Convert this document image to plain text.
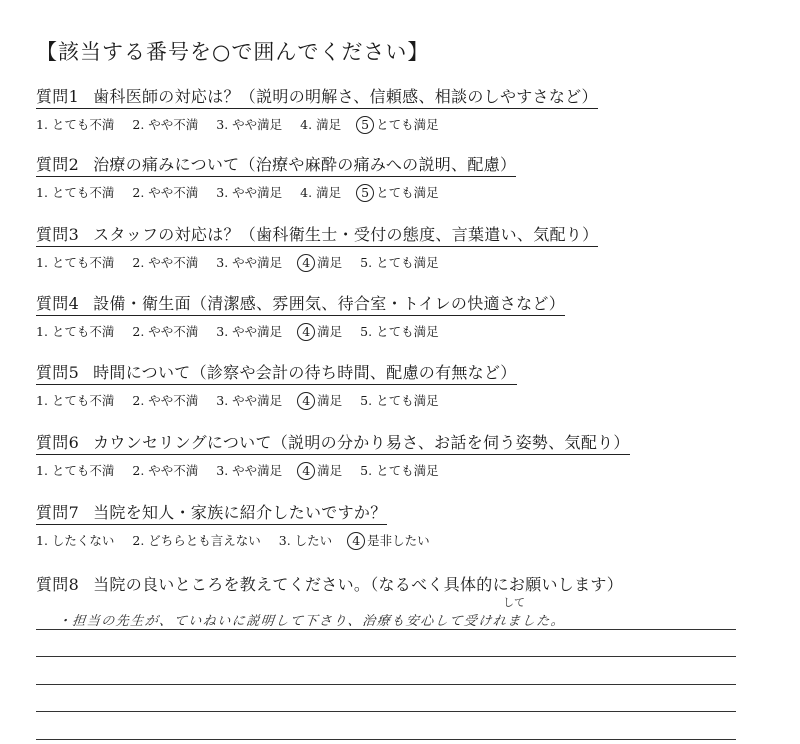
【該当する番号を○で囲んでください】
質問1 歯科医師の対応は？（説明の明解さ、信頼感、相談のしやすさなど）
1. とても不満 2. やや不満 3. やや満足 4. 満足 5 とても満足
質問2 治療の痛みについて（治療や麻酔の痛みへの説明、配慮）
1. とても不満 2. やや不満 3. やや満足 4. 満足 5 とても満足
質問3 スタッフの対応は？（歯科衛生士・受付の態度、言葉遣い、気配り）
1. とても不満 2. やや不満 3. やや満足 4 満足 5. とても満足
質問4 設備・衛生面（清潔感、雰囲気、待合室・トイレの快適さなど）
1. とても不満 2. やや不満 3. やや満足 4 満足 5. とても満足
質問5 時間について（診察や会計の待ち時間、配慮の有無など）
1. とても不満 2. やや不満 3. やや満足 4 満足 5. とても満足
質問6 カウンセリングについて（説明の分かり易さ、お話を伺う姿勢、気配り）
1. とても不満 2. やや不満 3. やや満足 4 満足 5. とても満足
質問7 当院を知人・家族に紹介したいですか？
1. したくない 2. どちらとも言えない 3. したい 4 是非したい
質問8 当院の良いところを教えてください。（なるべく具体的にお願いします）
して
・担当の先生が、ていねいに説明して下さり、治療も安心して受けれました。
